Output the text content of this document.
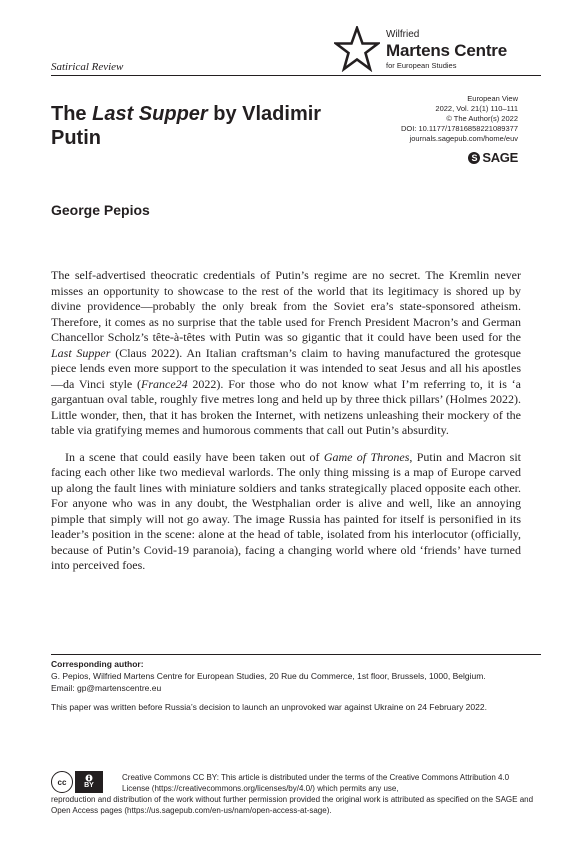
Satirical Review
Wilfried
Martens Centre
for European Studies
The Last Supper by Vladimir Putin
European View
2022, Vol. 21(1) 110–111
© The Author(s) 2022
DOI: 10.1177/17816858221089377
journals.sagepub.com/home/euv
S SAGE
George Pepios

The self-advertised theocratic credentials of Putin’s regime are no secret. The Kremlin never misses an opportunity to showcase to the rest of the world that its legitimacy is shored up by divine providence—probably the only break from the Soviet era’s state-sponsored atheism. Therefore, it comes as no surprise that the table used for French President Macron’s and German Chancellor Scholz’s tête-à-têtes with Putin was so gigantic that it could have been used for the Last Supper (Claus 2022). An Italian craftsman’s claim to having manufactured the grotesque piece lends even more support to the speculation it was intended to seat Jesus and all his apostles—da Vinci style (France24 2022). For those who do not know what I’m referring to, it is ‘a gargantuan oval table, roughly five metres long and held up by three thick pillars’ (Holmes 2022). Little wonder, then, that it has broken the Internet, with netizens unleashing their mockery of the table via gratifying memes and humorous comments that call out Putin’s absurdity.

In a scene that could easily have been taken out of Game of Thrones, Putin and Macron sit facing each other like two medieval warlords. The only thing missing is a map of Europe carved up along the fault lines with miniature soldiers and tanks strategically placed opposite each other. For anyone who was in any doubt, the Westphalian order is alive and well, like an annoying pimple that simply will not go away. The image Russia has painted for itself is personified in its leader’s position in the scene: alone at the head of table, isolated from his interlocutor (officially, because of Putin’s Covid-19 paranoia), facing a changing world where old ‘friends’ have turned into perceived foes.

Corresponding author:
G. Pepios, Wilfried Martens Centre for European Studies, 20 Rue du Commerce, 1st floor, Brussels, 1000, Belgium.
Email: gp@martenscentre.eu
This paper was written before Russia’s decision to launch an unprovoked war against Ukraine on 24 February 2022.
cc	BY
Creative Commons CC BY: This article is distributed under the terms of the Creative Commons Attribution 4.0 License (https://creativecommons.org/licenses/by/4.0/) which permits any use,
reproduction and distribution of the work without further permission provided the original work is attributed as specified on the SAGE and Open Access pages (https://us.sagepub.com/en-us/nam/open-access-at-sage).
